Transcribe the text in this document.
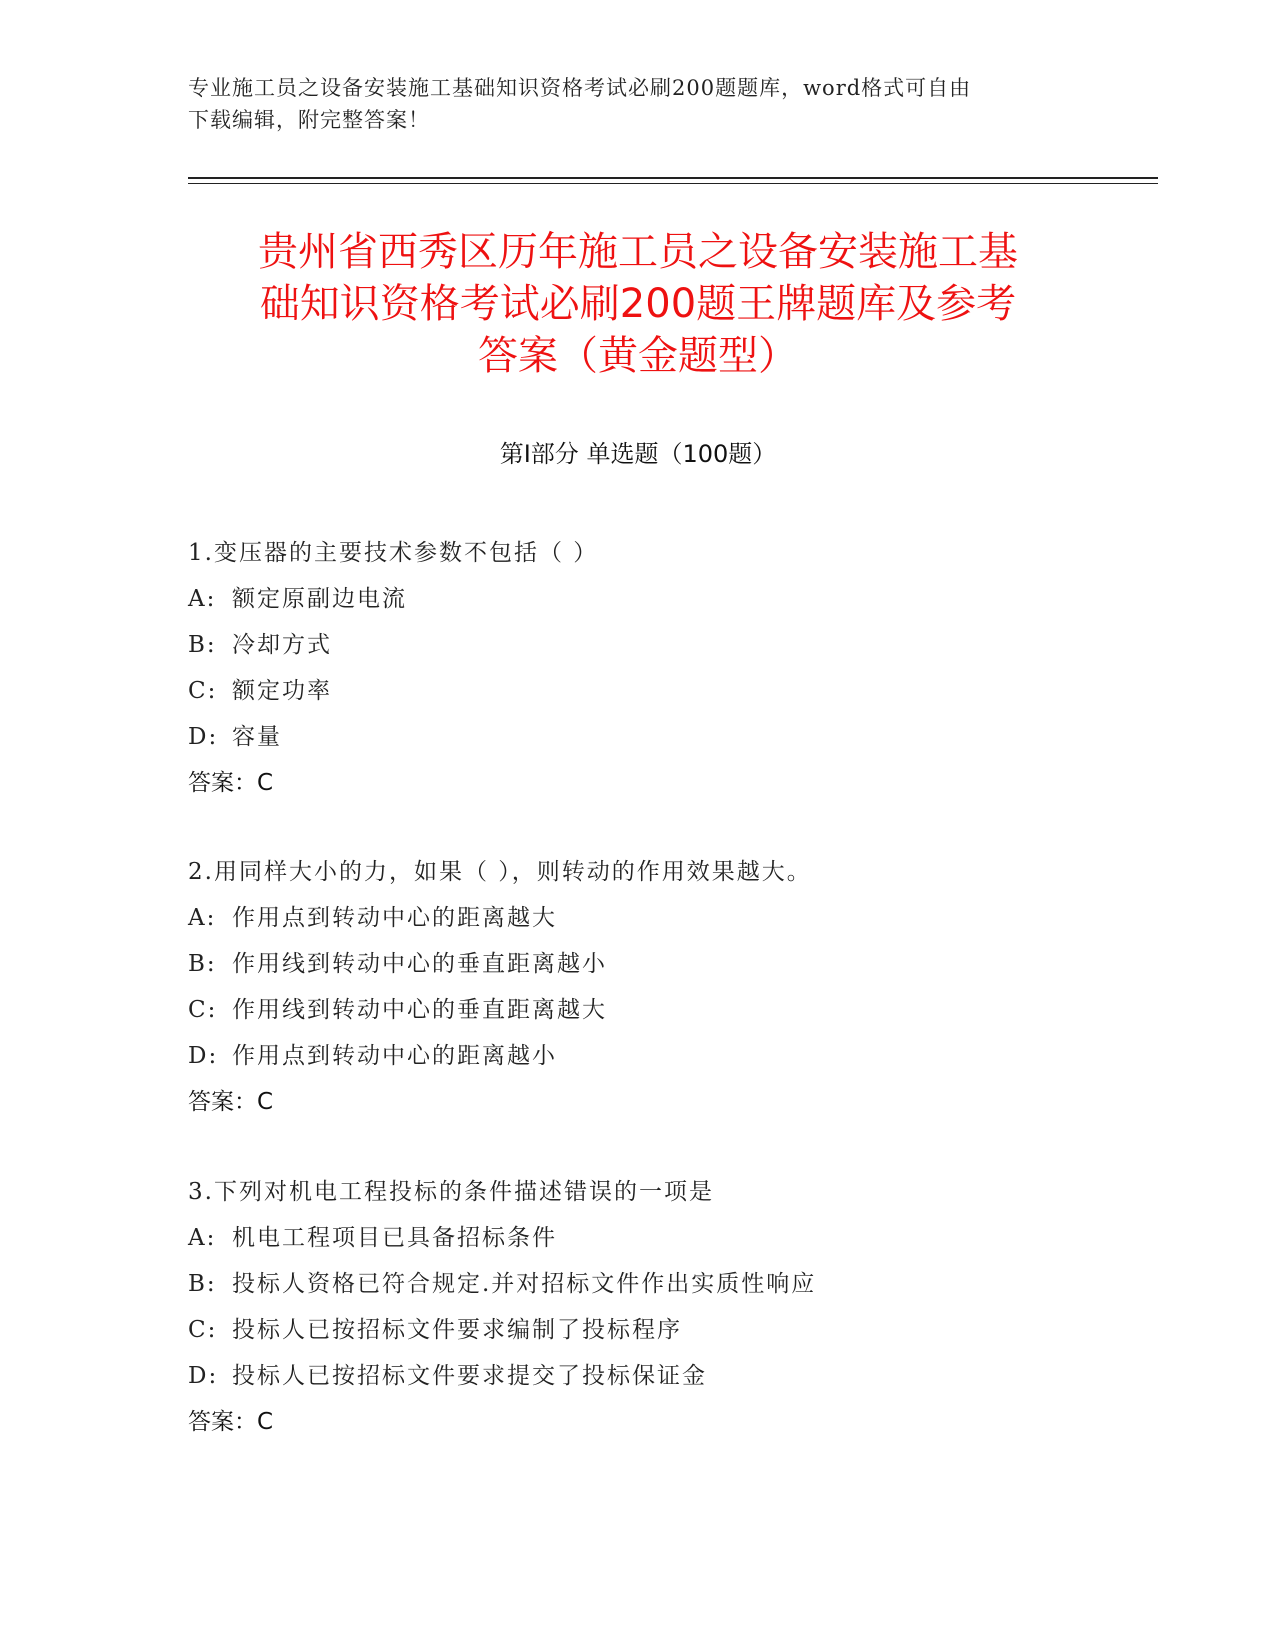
专业施工员之设备安装施工基础知识资格考试必刷200题题库，word格式可自由
下载编辑，附完整答案！
贵州省西秀区历年施工员之设备安装施工基
础知识资格考试必刷200题王牌题库及参考
答案（黄金题型）
第Ⅰ部分 单选题（100题）
1.变压器的主要技术参数不包括（ ）
A: 额定原副边电流
B: 冷却方式
C: 额定功率
D: 容量
答案：C
2.用同样大小的力，如果（ ），则转动的作用效果越大。
A: 作用点到转动中心的距离越大
B: 作用线到转动中心的垂直距离越小
C: 作用线到转动中心的垂直距离越大
D: 作用点到转动中心的距离越小
答案：C
3.下列对机电工程投标的条件描述错误的一项是
A: 机电工程项目已具备招标条件
B: 投标人资格已符合规定.并对招标文件作出实质性响应
C: 投标人已按招标文件要求编制了投标程序
D: 投标人已按招标文件要求提交了投标保证金
答案：C
